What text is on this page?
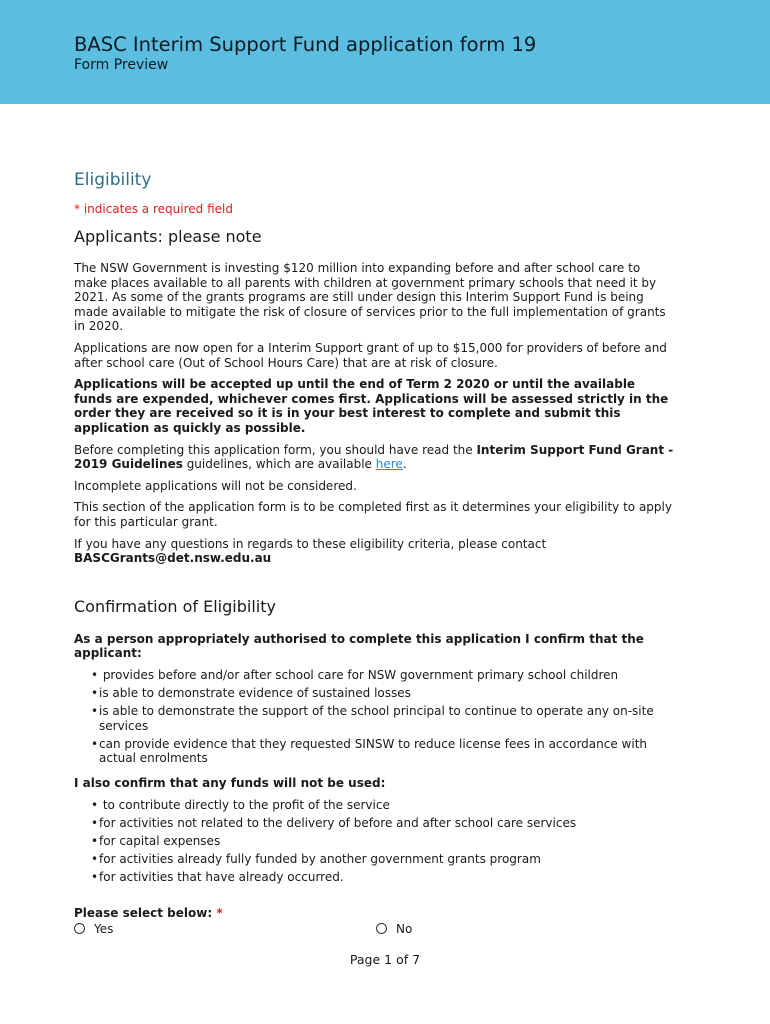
BASC Interim Support Fund application form 19
Form Preview
Eligibility
* indicates a required field
Applicants: please note

The NSW Government is investing $120 million into expanding before and after school care to make places available to all parents with children at government primary schools that need it by 2021. As some of the grants programs are still under design this Interim Support Fund is being made available to mitigate the risk of closure of services prior to the full implementation of grants in 2020.

Applications are now open for a Interim Support grant of up to $15,000 for providers of before and after school care (Out of School Hours Care) that are at risk of closure.

Applications will be accepted up until the end of Term 2 2020 or until the available funds are expended, whichever comes first. Applications will be assessed strictly in the order they are received so it is in your best interest to complete and submit this application as quickly as possible.

Before completing this application form, you should have read the Interim Support Fund Grant - 2019 Guidelines guidelines, which are available here.

Incomplete applications will not be considered.

This section of the application form is to be completed first as it determines your eligibility to apply for this particular grant.

If you have any questions in regards to these eligibility criteria, please contact
BASCGrants@det.nsw.edu.au

Confirmation of Eligibility

As a person appropriately authorised to complete this application I confirm that the applicant:

• provides before and/or after school care for NSW government primary school children
• is able to demonstrate evidence of sustained losses
• is able to demonstrate the support of the school principal to continue to operate any on-site services
• can provide evidence that they requested SINSW to reduce license fees in accordance with actual enrolments

I also confirm that any funds will not be used:

• to contribute directly to the profit of the service
• for activities not related to the delivery of before and after school care services
• for capital expenses
• for activities already fully funded by another government grants program
• for activities that have already occurred.
Please select below: *
Yes	No
Page 1 of 7
